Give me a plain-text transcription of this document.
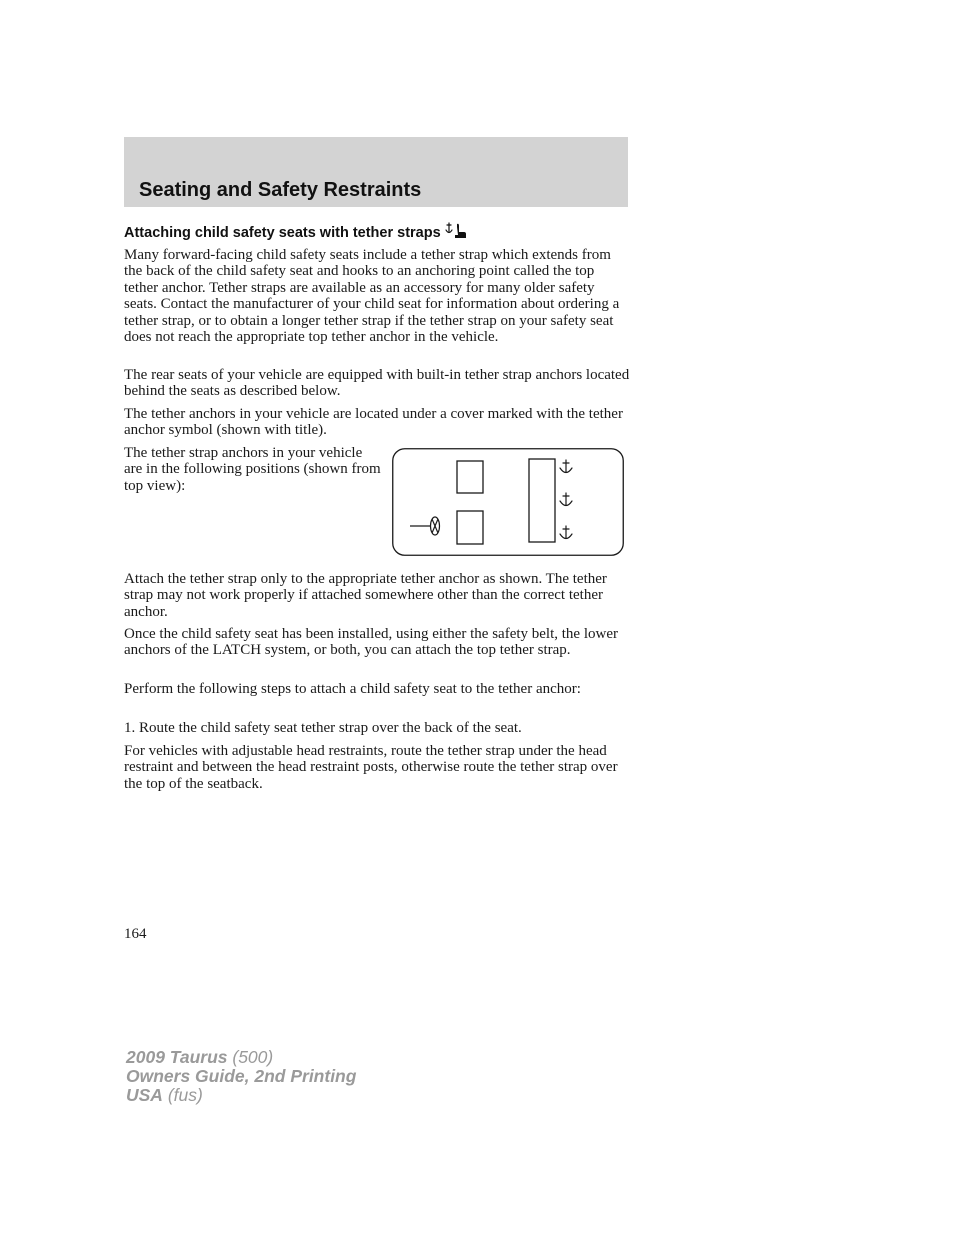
Seating and Safety Restraints
Attaching child safety seats with tether straps

Many forward-facing child safety seats include a tether strap which extends from the back of the child safety seat and hooks to an anchoring point called the top tether anchor. Tether straps are available as an accessory for many older safety seats. Contact the manufacturer of your child seat for information about ordering a tether strap, or to obtain a longer tether strap if the tether strap on your safety seat does not reach the appropriate top tether anchor in the vehicle.

The rear seats of your vehicle are equipped with built-in tether strap anchors located behind the seats as described below.

The tether anchors in your vehicle are located under a cover marked with the tether anchor symbol (shown with title).

The tether strap anchors in your vehicle are in the following positions (shown from top view):

Attach the tether strap only to the appropriate tether anchor as shown. The tether strap may not work properly if attached somewhere other than the correct tether anchor.

Once the child safety seat has been installed, using either the safety belt, the lower anchors of the LATCH system, or both, you can attach the top tether strap.

Perform the following steps to attach a child safety seat to the tether anchor:

1. Route the child safety seat tether strap over the back of the seat.

For vehicles with adjustable head restraints, route the tether strap under the head restraint and between the head restraint posts, otherwise route the tether strap over the top of the seatback.

164
2009 Taurus (500)
Owners Guide, 2nd Printing
USA (fus)
